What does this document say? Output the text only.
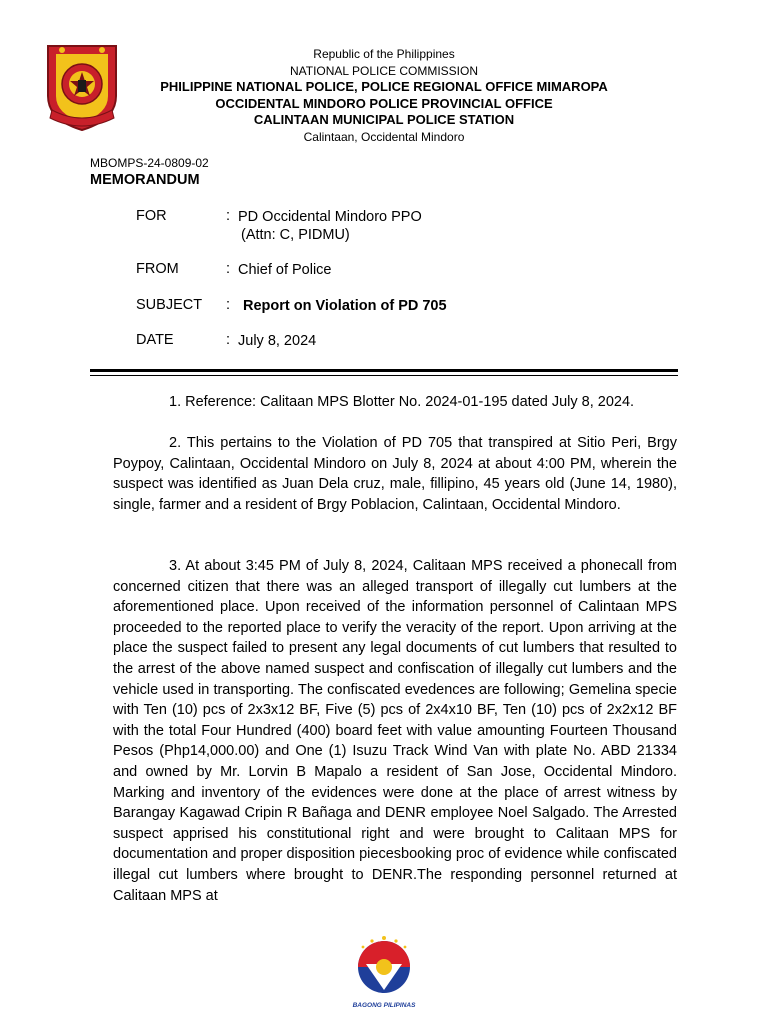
Republic of the Philippines
NATIONAL POLICE COMMISSION
PHILIPPINE NATIONAL POLICE, POLICE REGIONAL OFFICE MIMAROPA
OCCIDENTAL MINDORO POLICE PROVINCIAL OFFICE
CALINTAAN MUNICIPAL POLICE STATION
Calintaan, Occidental Mindoro
MBOMPS-24-0809-02
MEMORANDUM
FOR	: PD Occidental Mindoro PPO
(Attn: C, PIDMU)
FROM	: Chief of Police
SUBJECT : Report on Violation of PD 705
DATE	: July 8, 2024

1. Reference: Calitaan MPS Blotter No. 2024-01-195 dated July 8, 2024.

2. This pertains to the Violation of PD 705 that transpired at Sitio Peri, Brgy Poypoy, Calintaan, Occidental Mindoro on July 8, 2024 at about 4:00 PM, wherein the suspect was identified as Juan Dela cruz, male, fillipino, 45 years old (June 14, 1980), single, farmer and a resident of Brgy Poblacion, Calintaan, Occidental Mindoro.

3. At about 3:45 PM of July 8, 2024, Calitaan MPS received a phonecall from concerned citizen that there was an alleged transport of illegally cut lumbers at the aforementioned place. Upon received of the information personnel of Calintaan MPS proceeded to the reported place to verify the veracity of the report. Upon arriving at the place the suspect failed to present any legal documents of cut lumbers that resulted to the arrest of the above named suspect and confiscation of illegally cut lumbers and the vehicle used in transporting. The confiscated evedences are following; Gemelina specie with Ten (10) pcs of 2x3x12 BF, Five (5) pcs of 2x4x10 BF, Ten (10) pcs of 2x2x12 BF with the total Four Hundred (400) board feet with value amounting Fourteen Thousand Pesos (Php14,000.00) and One (1) Isuzu Track Wind Van with plate No. ABD 21334 and owned by Mr. Lorvin B Mapalo a resident of San Jose, Occidental Mindoro. Marking and inventory of the evidences were done at the place of arrest witness by Barangay Kagawad Cripin R Bañaga and DENR employee Noel Salgado. The Arrested suspect apprised his constitutional right and were brought to Calitaan MPS for documentation and proper disposition piecesbooking proc of evidence while confiscated illegal cut lumbers where brought to DENR.The responding personnel returned at Calitaan MPS at

BAGONG PILIPINAS
